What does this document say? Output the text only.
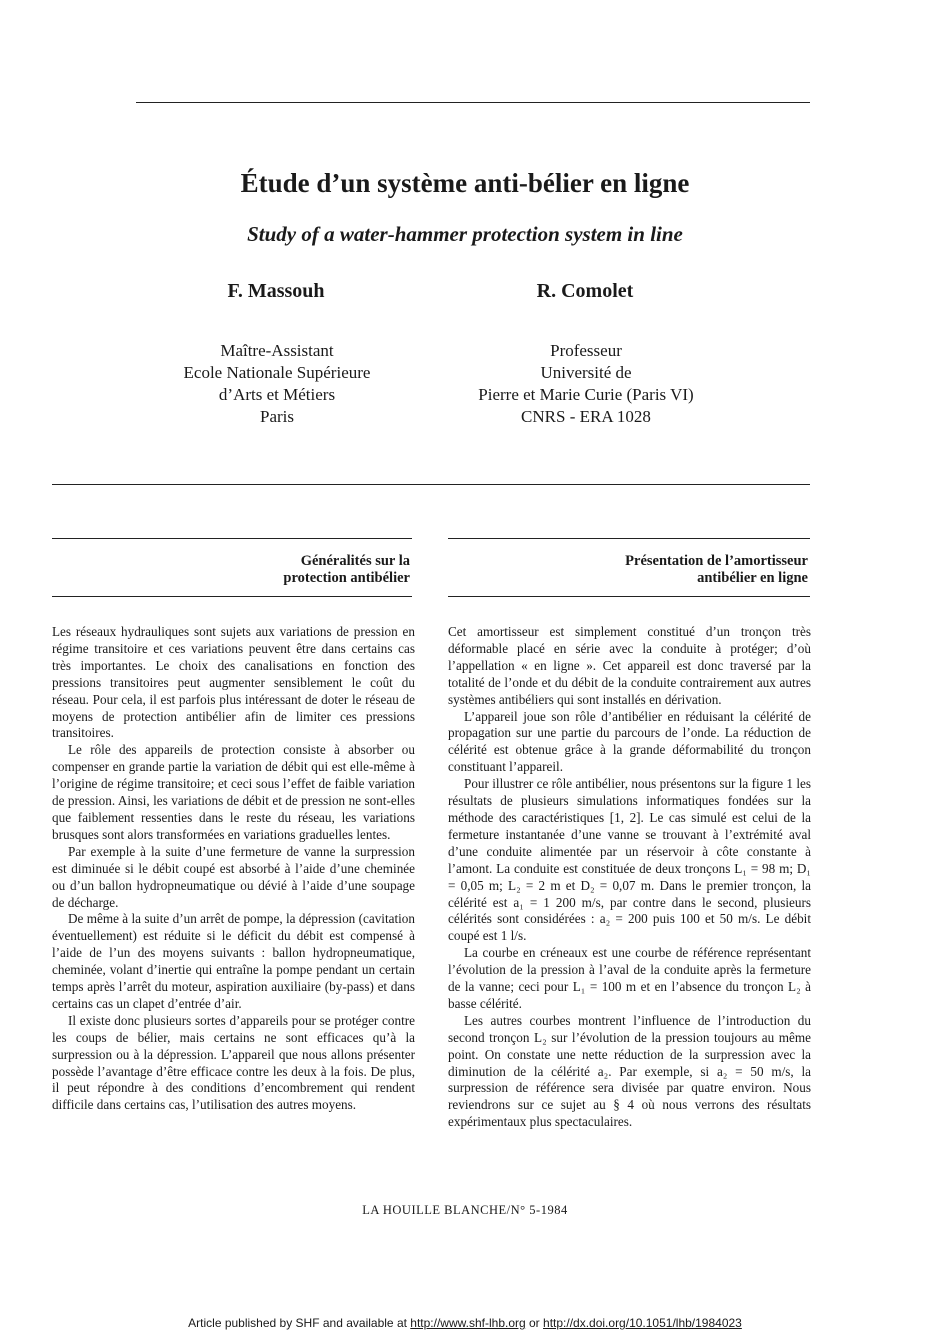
Étude d’un système anti-bélier en ligne
Study of a water-hammer protection system in line
F. Massouh	R. Comolet
Maître-Assistant
Ecole Nationale Supérieure
d’Arts et Métiers
Paris
Professeur
Université de
Pierre et Marie Curie (Paris VI)
CNRS - ERA 1028
Généralités sur la
protection antibélier
Présentation de l’amortisseur
antibélier en ligne

Les réseaux hydrauliques sont sujets aux variations de pression en régime transitoire et ces variations peuvent être dans certains cas très importantes. Le choix des canalisations en fonction des pressions transitoires peut augmenter sensiblement le coût du réseau. Pour cela, il est parfois plus intéressant de doter le réseau de moyens de protection antibélier afin de limiter ces pressions transitoires.

Le rôle des appareils de protection consiste à absorber ou compenser en grande partie la variation de débit qui est elle-même à l’origine de régime transitoire; et ceci sous l’effet de faible variation de pression. Ainsi, les variations de débit et de pression ne sont-elles que faiblement ressenties dans le reste du réseau, les variations brusques sont alors transformées en variations graduelles lentes.

Par exemple à la suite d’une fermeture de vanne la surpression est diminuée si le débit coupé est absorbé à l’aide d’une cheminée ou d’un ballon hydropneumatique ou dévié à l’aide d’une soupage de décharge.

De même à la suite d’un arrêt de pompe, la dépression (cavitation éventuellement) est réduite si le déficit du débit est compensé à l’aide de l’un des moyens suivants : ballon hydropneumatique, cheminée, volant d’inertie qui entraîne la pompe pendant un certain temps après l’arrêt du moteur, aspiration auxiliaire (by-pass) et dans certains cas un clapet d’entrée d’air.

Il existe donc plusieurs sortes d’appareils pour se protéger contre les coups de bélier, mais certains ne sont efficaces qu’à la surpression ou à la dépression. L’appareil que nous allons présenter possède l’avantage d’être efficace contre les deux à la fois. De plus, il peut répondre à des conditions d’encombrement qui rendent difficile dans certains cas, l’utilisation des autres moyens.

Cet amortisseur est simplement constitué d’un tronçon très déformable placé en série avec la conduite à protéger; d’où l’appellation « en ligne ». Cet appareil est donc traversé par la totalité de l’onde et du débit de la conduite contrairement aux autres systèmes antibéliers qui sont installés en dérivation.

L’appareil joue son rôle d’antibélier en réduisant la célérité de propagation sur une partie du parcours de l’onde. La réduction de célérité est obtenue grâce à la grande déformabilité du tronçon constituant l’appareil.

Pour illustrer ce rôle antibélier, nous présentons sur la figure 1 les résultats de plusieurs simulations informatiques fondées sur la méthode des caractéristiques [1, 2]. Le cas simulé est celui de la fermeture instantanée d’une vanne se trouvant à l’extrémité aval d’une conduite alimentée par un réservoir à côte constante à l’amont. La conduite est constituée de deux tronçons L₁ = 98 m; D₁ = 0,05 m; L₂ = 2 m et D₂ = 0,07 m. Dans le premier tronçon, la célérité est a₁ = 1 200 m/s, par contre dans le second, plusieurs célérités sont considérées : a₂ = 200 puis 100 et 50 m/s. Le débit coupé est 1 l/s.

La courbe en créneaux est une courbe de référence représentant l’évolution de la pression à l’aval de la conduite après la fermeture de la vanne; ceci pour L₁ = 100 m et en l’absence du tronçon L₂ à basse célérité.

Les autres courbes montrent l’influence de l’introduction du second tronçon L₂ sur l’évolution de la pression toujours au même point. On constate une nette réduction de la surpression avec la diminution de la célérité a₂. Par exemple, si a₂ = 50 m/s, la surpression de référence sera divisée par quatre environ. Nous reviendrons sur ce sujet au § 4 où nous verrons des résultats expérimentaux plus spectaculaires.

LA HOUILLE BLANCHE/N° 5-1984
Article published by SHF and available at http://www.shf-lhb.org or http://dx.doi.org/10.1051/lhb/1984023
